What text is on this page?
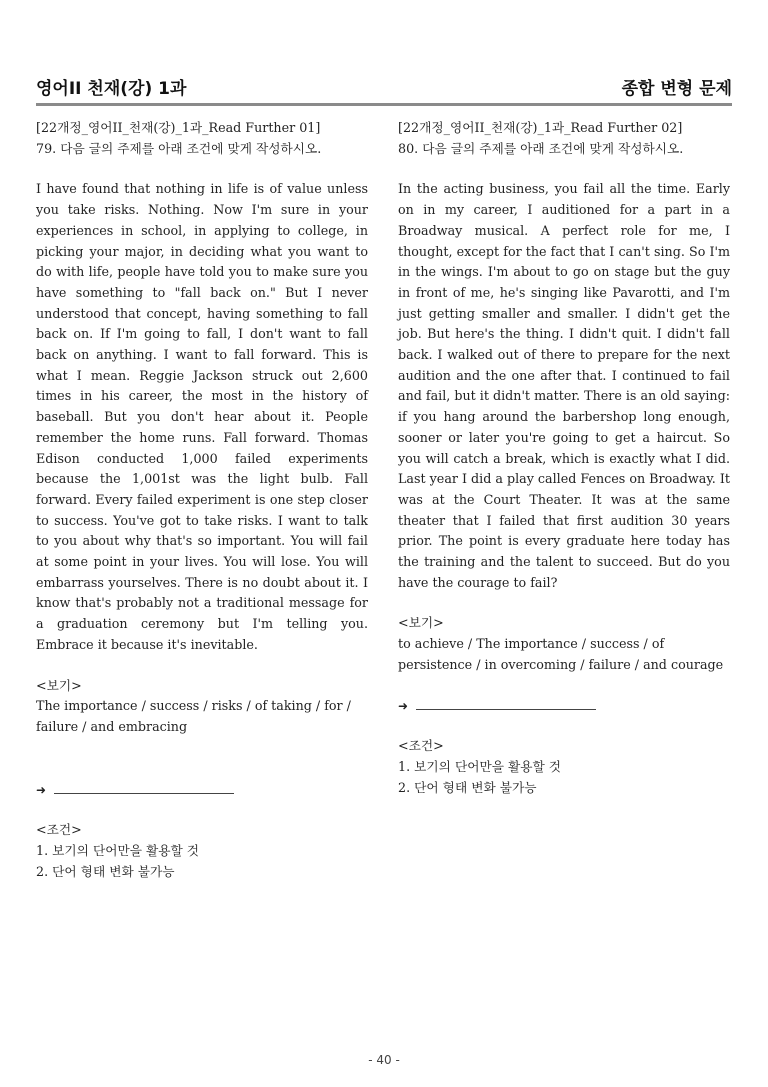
영어II 천재(강) 1과	종합 변형 문제
[22개정_영어II_천재(강)_1과_Read Further 01]
79. 다음 글의 주제를 아래 조건에 맞게 작성하시오.
I have found that nothing in life is of value unless you take risks. Nothing. Now I'm sure in your experiences in school, in applying to college, in picking your major, in deciding what you want to do with life, people have told you to make sure you have something to "fall back on." But I never understood that concept, having something to fall back on. If I'm going to fall, I don't want to fall back on anything. I want to fall forward. This is what I mean. Reggie Jackson struck out 2,600 times in his career, the most in the history of baseball. But you don't hear about it. People remember the home runs. Fall forward. Thomas Edison conducted 1,000 failed experiments because the 1,001st was the light bulb. Fall forward. Every failed experiment is one step closer to success. You've got to take risks. I want to talk to you about why that's so important. You will fail at some point in your lives. You will lose. You will embarrass yourselves. There is no doubt about it. I know that's probably not a traditional message for a graduation ceremony but I'm telling you. Embrace it because it's inevitable.
<보기>
The importance / success / risks / of taking / for / failure / and embracing
➜
<조건>
1. 보기의 단어만을 활용할 것
2. 단어 형태 변화 불가능
[22개정_영어II_천재(강)_1과_Read Further 02]
80. 다음 글의 주제를 아래 조건에 맞게 작성하시오.
In the acting business, you fail all the time. Early on in my career, I auditioned for a part in a Broadway musical. A perfect role for me, I thought, except for the fact that I can't sing. So I'm in the wings. I'm about to go on stage but the guy in front of me, he's singing like Pavarotti, and I'm just getting smaller and smaller. I didn't get the job. But here's the thing. I didn't quit. I didn't fall back. I walked out of there to prepare for the next audition and the one after that. I continued to fail and fail, but it didn't matter. There is an old saying: if you hang around the barbershop long enough, sooner or later you're going to get a haircut. So you will catch a break, which is exactly what I did. Last year I did a play called Fences on Broadway. It was at the Court Theater. It was at the same theater that I failed that first audition 30 years prior. The point is every graduate here today has the training and the talent to succeed. But do you have the courage to fail?
<보기>
to achieve / The importance / success / of persistence / in overcoming / failure / and courage
➜
<조건>
1. 보기의 단어만을 활용할 것
2. 단어 형태 변화 불가능
- 40 -
